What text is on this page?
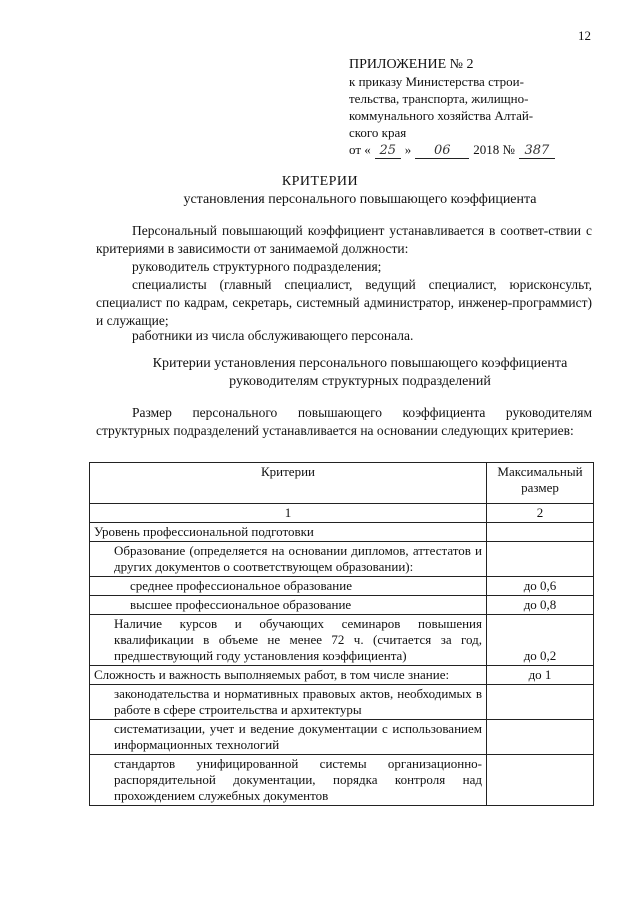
12
ПРИЛОЖЕНИЕ № 2
к приказу Министерства строи-
тельства, транспорта, жилищно-
коммунального хозяйства Алтай-
ского края
от « 25 »	06	2018 № 387
КРИТЕРИИ
установления персонального повышающего коэффициента
Персональный повышающий коэффициент устанавливается в соответ-ствии с критериями в зависимости от занимаемой должности:
руководитель структурного подразделения;
специалисты (главный специалист, ведущий специалист, юрисконсульт, специалист по кадрам, секретарь, системный администратор, инженер-программист) и служащие;
работники из числа обслуживающего персонала.
Критерии установления персонального повышающего коэффициента
руководителям структурных подразделений
Размер персонального повышающего коэффициента руководителям структурных подразделений устанавливается на основании следующих критериев:
Критерии	Максимальный размер
1	2
Уровень профессиональной подготовки	
Образование (определяется на основании дипломов, аттестатов и других документов о соответствующем образовании):	
среднее профессиональное образование	до 0,6
высшее профессиональное образование	до 0,8
Наличие курсов и обучающих семинаров повышения квалификации в объеме не менее 72 ч. (считается за год, предшествующий году установления коэффициента)	до 0,2
Сложность и важность выполняемых работ, в том числе знание:	до 1
законодательства и нормативных правовых актов, необходимых в работе в сфере строительства и архитектуры	
систематизации, учет и ведение документации с использованием информационных технологий	
стандартов унифицированной системы организационно-распорядительной документации, порядка контроля над прохождением служебных документов	
